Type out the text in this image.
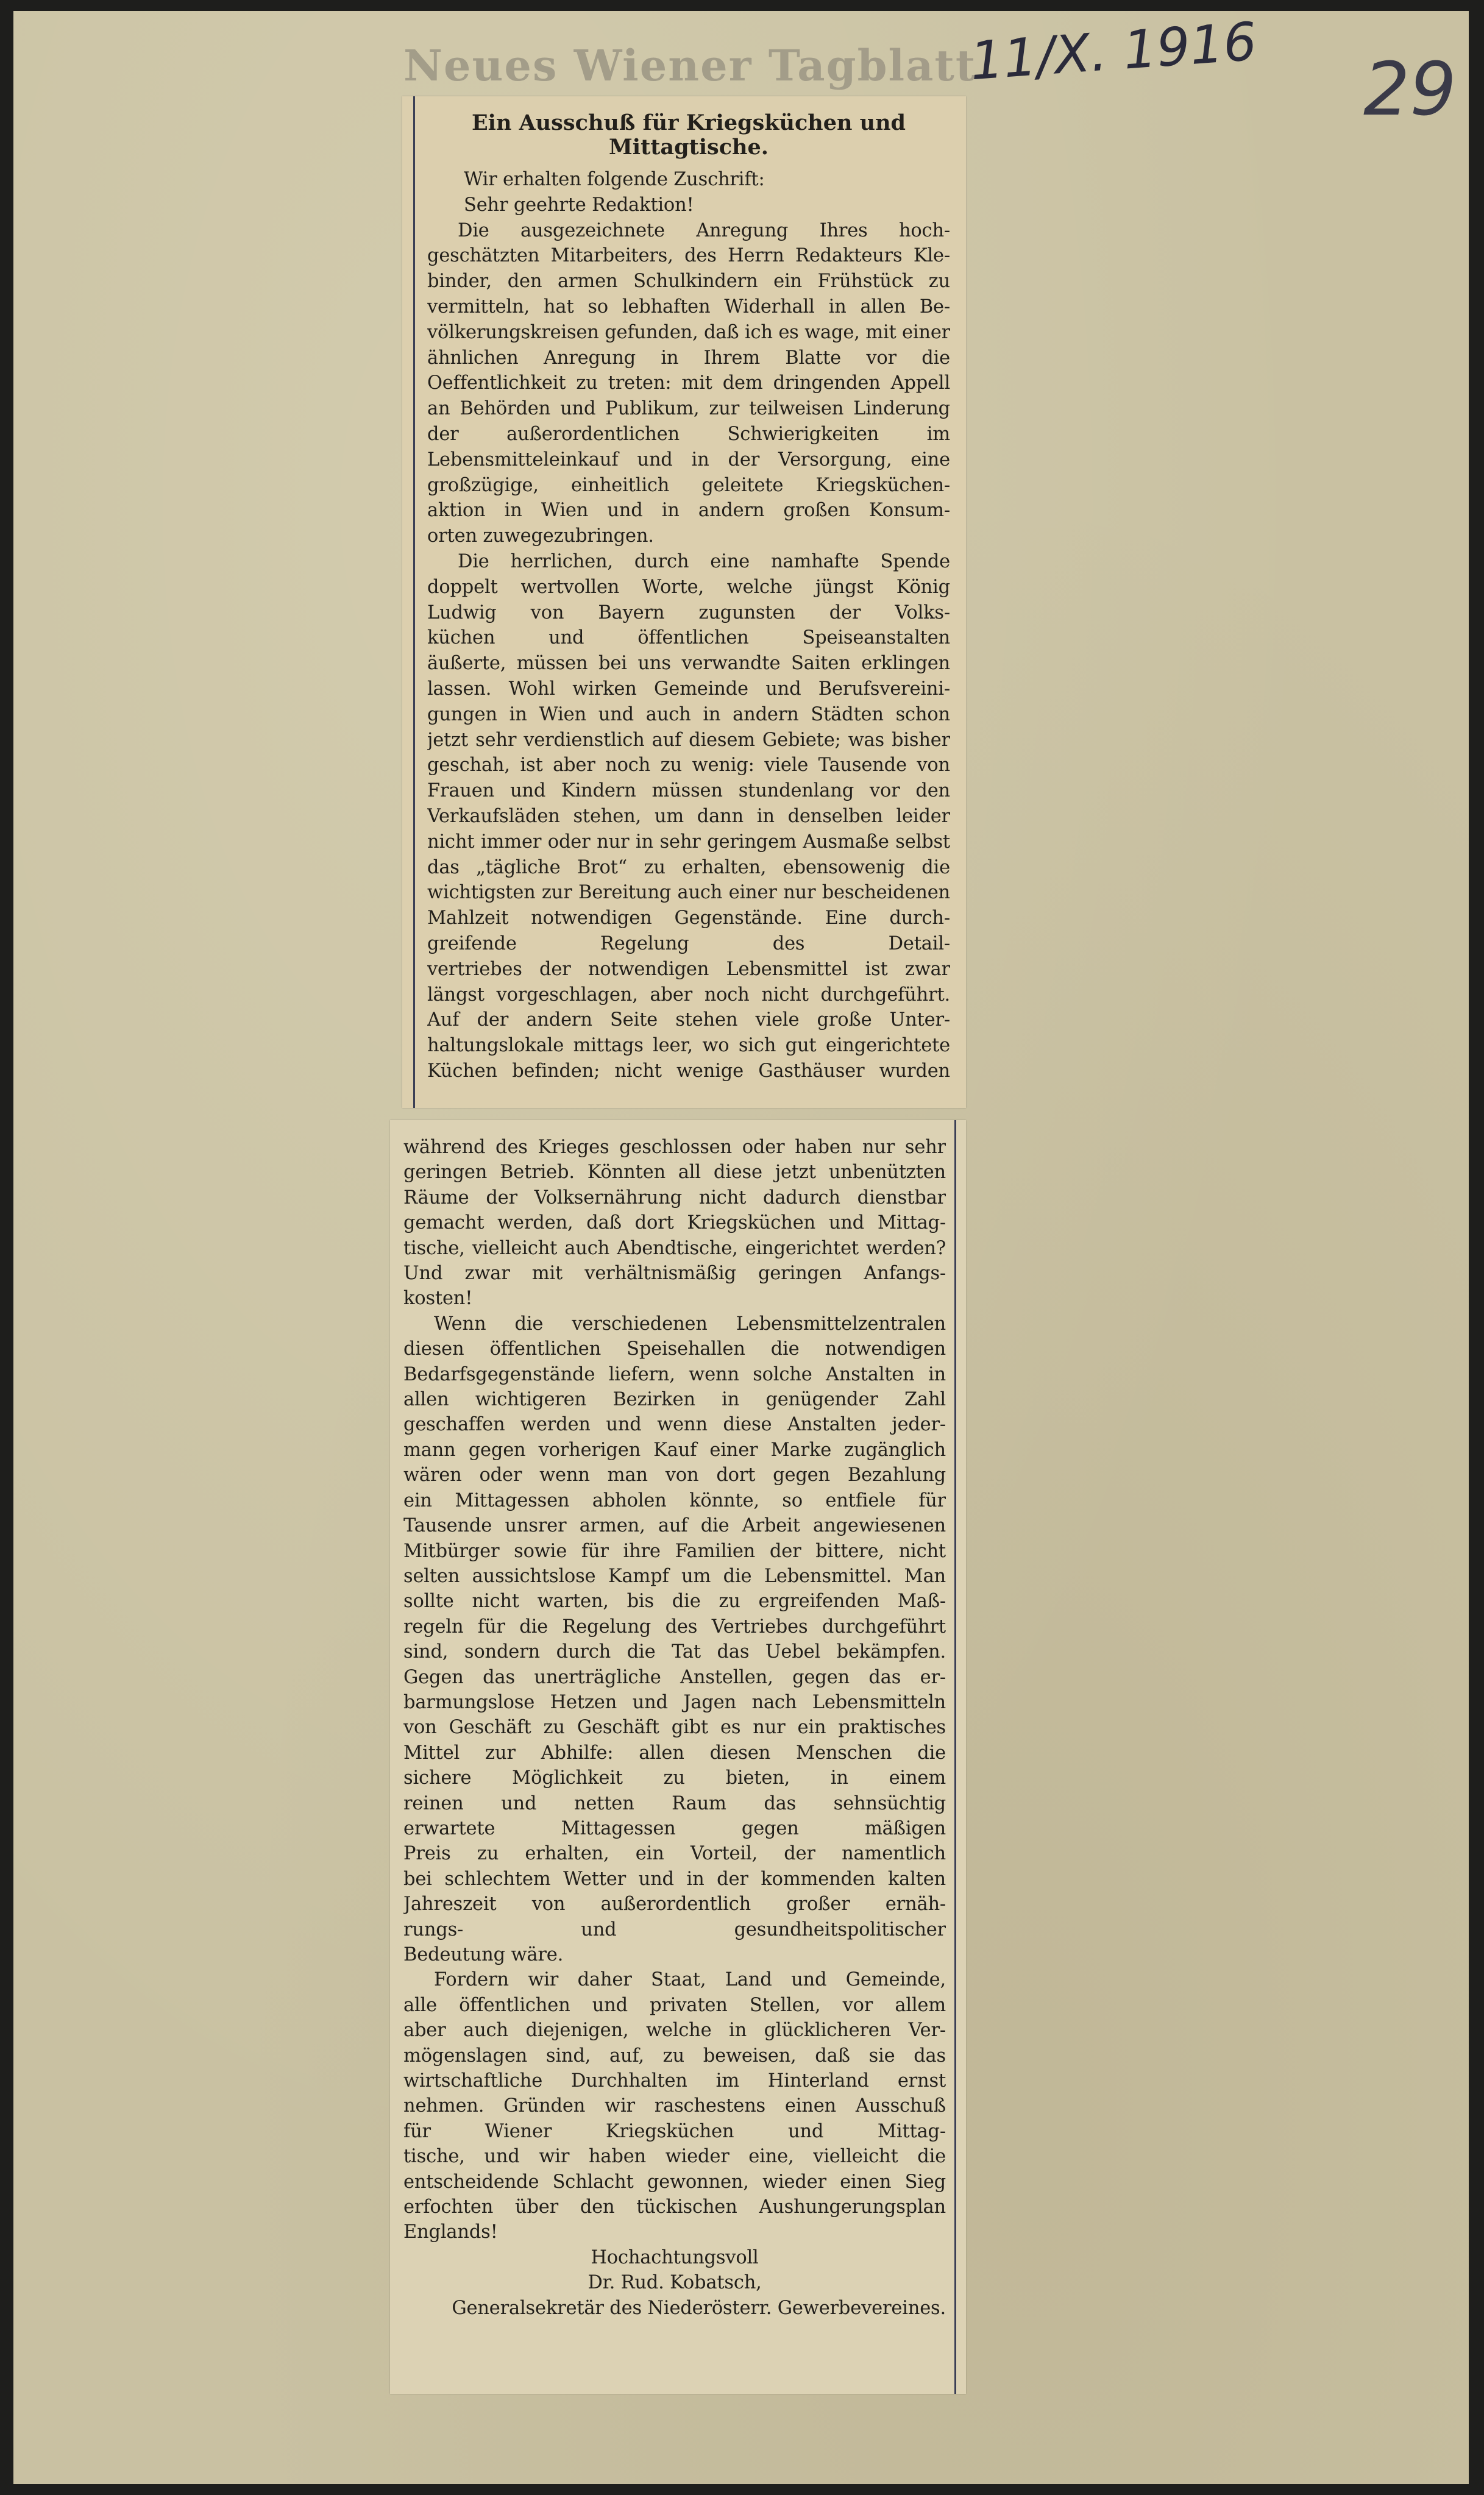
Neues Wiener Tagblatt
11/X. 1916 29
Ein Ausschuß für Kriegsküchen und
Mittagtische.
Wir erhalten folgende Zuschrift:
Sehr geehrte Redaktion!
Die ausgezeichnete Anregung Ihres hoch-
geschätzten Mitarbeiters, des Herrn Redakteurs Kle-
binder, den armen Schulkindern ein Frühstück zu
vermitteln, hat so lebhaften Widerhall in allen Be-
völkerungskreisen gefunden, daß ich es wage, mit einer
ähnlichen Anregung in Ihrem Blatte vor die
Oeffentlichkeit zu treten: mit dem dringenden Appell
an Behörden und Publikum, zur teilweisen Linderung
der außerordentlichen Schwierigkeiten im
Lebensmitteleinkauf und in der Versorgung, eine
großzügige, einheitlich geleitete Kriegsküchen-
aktion in Wien und in andern großen Konsum-
orten zuwegezubringen.
Die herrlichen, durch eine namhafte Spende
doppelt wertvollen Worte, welche jüngst König
Ludwig von Bayern zugunsten der Volks-
küchen und öffentlichen Speiseanstalten
äußerte, müssen bei uns verwandte Saiten erklingen
lassen. Wohl wirken Gemeinde und Berufsvereini-
gungen in Wien und auch in andern Städten schon
jetzt sehr verdienstlich auf diesem Gebiete; was bisher
geschah, ist aber noch zu wenig: viele Tausende von
Frauen und Kindern müssen stundenlang vor den
Verkaufsläden stehen, um dann in denselben leider
nicht immer oder nur in sehr geringem Ausmaße selbst
das „tägliche Brot“ zu erhalten, ebensowenig die
wichtigsten zur Bereitung auch einer nur bescheidenen
Mahlzeit notwendigen Gegenstände. Eine durch-
greifende Regelung des Detail-
vertriebes der notwendigen Lebensmittel ist zwar
längst vorgeschlagen, aber noch nicht durchgeführt.
Auf der andern Seite stehen viele große Unter-
haltungslokale mittags leer, wo sich gut eingerichtete
Küchen befinden; nicht wenige Gasthäuser wurden
während des Krieges geschlossen oder haben nur sehr
geringen Betrieb. Könnten all diese jetzt unbenützten
Räume der Volksernährung nicht dadurch dienstbar
gemacht werden, daß dort Kriegsküchen und Mittag-
tische, vielleicht auch Abendtische, eingerichtet werden?
Und zwar mit verhältnismäßig geringen Anfangs-
kosten!
Wenn die verschiedenen Lebensmittelzentralen
diesen öffentlichen Speisehallen die notwendigen
Bedarfsgegenstände liefern, wenn solche Anstalten in
allen wichtigeren Bezirken in genügender Zahl
geschaffen werden und wenn diese Anstalten jeder-
mann gegen vorherigen Kauf einer Marke zugänglich
wären oder wenn man von dort gegen Bezahlung
ein Mittagessen abholen könnte, so entfiele für
Tausende unsrer armen, auf die Arbeit angewiesenen
Mitbürger sowie für ihre Familien der bittere, nicht
selten aussichtslose Kampf um die Lebensmittel. Man
sollte nicht warten, bis die zu ergreifenden Maß-
regeln für die Regelung des Vertriebes durchgeführt
sind, sondern durch die Tat das Uebel bekämpfen.
Gegen das unerträgliche Anstellen, gegen das er-
barmungslose Hetzen und Jagen nach Lebensmitteln
von Geschäft zu Geschäft gibt es nur ein praktisches
Mittel zur Abhilfe: allen diesen Menschen die
sichere Möglichkeit zu bieten, in einem
reinen und netten Raum das sehnsüchtig
erwartete Mittagessen gegen mäßigen
Preis zu erhalten, ein Vorteil, der namentlich
bei schlechtem Wetter und in der kommenden kalten
Jahreszeit von außerordentlich großer ernäh-
rungs- und gesundheitspolitischer
Bedeutung wäre.
Fordern wir daher Staat, Land und Gemeinde,
alle öffentlichen und privaten Stellen, vor allem
aber auch diejenigen, welche in glücklicheren Ver-
mögenslagen sind, auf, zu beweisen, daß sie das
wirtschaftliche Durchhalten im Hinterland ernst
nehmen. Gründen wir raschestens einen Ausschuß
für Wiener Kriegsküchen und Mittag-
tische, und wir haben wieder eine, vielleicht die
entscheidende Schlacht gewonnen, wieder einen Sieg
erfochten über den tückischen Aushungerungsplan
Englands!
Hochachtungsvoll
Dr. Rud. Kobatsch,
Generalsekretär des Niederösterr. Gewerbevereines.
